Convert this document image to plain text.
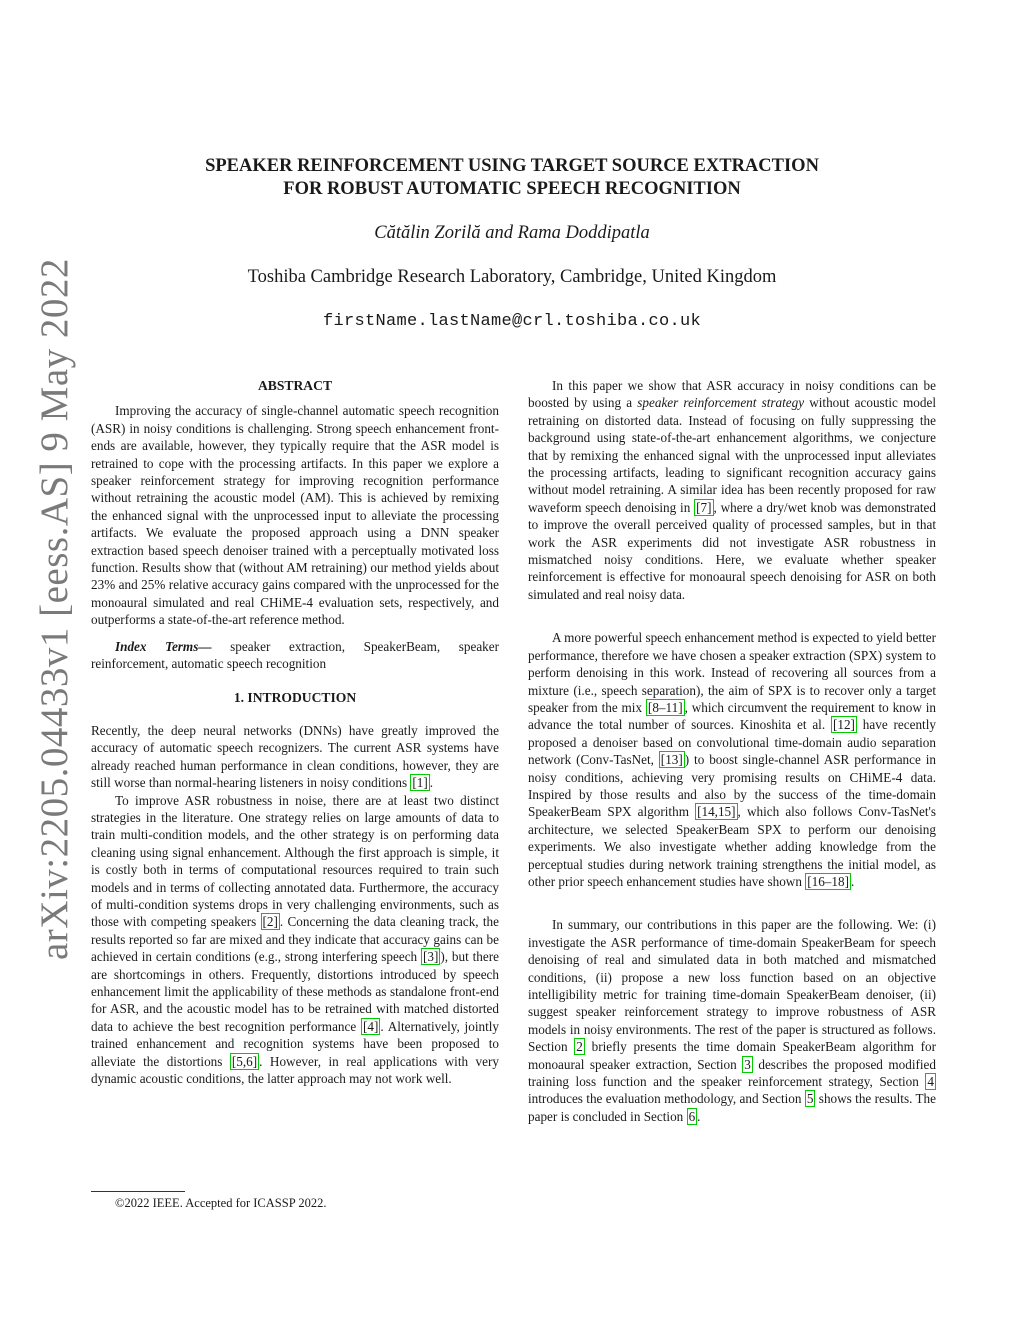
arXiv:2205.04433v1 [eess.AS] 9 May 2022
SPEAKER REINFORCEMENT USING TARGET SOURCE EXTRACTION
FOR ROBUST AUTOMATIC SPEECH RECOGNITION
Cătălin Zorilă and Rama Doddipatla
Toshiba Cambridge Research Laboratory, Cambridge, United Kingdom
firstName.lastName@crl.toshiba.co.uk

ABSTRACT

Improving the accuracy of single-channel automatic speech recognition (ASR) in noisy conditions is challenging. Strong speech enhancement front-ends are available, however, they typically require that the ASR model is retrained to cope with the processing artifacts. In this paper we explore a speaker reinforcement strategy for improving recognition performance without retraining the acoustic model (AM). This is achieved by remixing the enhanced signal with the unprocessed input to alleviate the processing artifacts. We evaluate the proposed approach using a DNN speaker extraction based speech denoiser trained with a perceptually motivated loss function. Results show that (without AM retraining) our method yields about 23% and 25% relative accuracy gains compared with the unprocessed for the monoaural simulated and real CHiME-4 evaluation sets, respectively, and outperforms a state-of-the-art reference method.

Index Terms— speaker extraction, SpeakerBeam, speaker reinforcement, automatic speech recognition

1. INTRODUCTION

Recently, the deep neural networks (DNNs) have greatly improved the accuracy of automatic speech recognizers. The current ASR systems have already reached human performance in clean conditions, however, they are still worse than normal-hearing listeners in noisy conditions [1] .

To improve ASR robustness in noise, there are at least two distinct strategies in the literature. One strategy relies on large amounts of data to train multi-condition models, and the other strategy is on performing data cleaning using signal enhancement. Although the first approach is simple, it is costly both in terms of computational resources required to train such models and in terms of collecting annotated data. Furthermore, the accuracy of multi-condition systems drops in very challenging environments, such as those with competing speakers [2] . Concerning the data cleaning track, the results reported so far are mixed and they indicate that accuracy gains can be achieved in certain conditions (e.g., strong interfering speech [3] ), but there are shortcomings in others. Frequently, distortions introduced by speech enhancement limit the applicability of these methods as standalone front-end for ASR, and the acoustic model has to be retrained with matched distorted data to achieve the best recognition performance [4] . Alternatively, jointly trained enhancement and recognition systems have been proposed to alleviate the distortions [5,6] . However, in real applications with very dynamic acoustic conditions, the latter approach may not work well.

©2022 IEEE. Accepted for ICASSP 2022.

In this paper we show that ASR accuracy in noisy conditions can be boosted by using a speaker reinforcement strategy without acoustic model retraining on distorted data. Instead of focusing on fully suppressing the background using state-of-the-art enhancement algorithms, we conjecture that by remixing the enhanced signal with the unprocessed input alleviates the processing artifacts, leading to significant recognition accuracy gains without model retraining. A similar idea has been recently proposed for raw waveform speech denoising in [7] , where a dry/wet knob was demonstrated to improve the overall perceived quality of processed samples, but in that work the ASR experiments did not investigate ASR robustness in mismatched noisy conditions. Here, we evaluate whether speaker reinforcement is effective for monoaural speech denoising for ASR on both simulated and real noisy data.

A more powerful speech enhancement method is expected to yield better performance, therefore we have chosen a speaker extraction (SPX) system to perform denoising in this work. Instead of recovering all sources from a mixture (i.e., speech separation), the aim of SPX is to recover only a target speaker from the mix [8–11] , which circumvent the requirement to know in advance the total number of sources. Kinoshita et al. [12] have recently proposed a denoiser based on convolutional time-domain audio separation network (Conv-TasNet, [13] ) to boost single-channel ASR performance in noisy conditions, achieving very promising results on CHiME-4 data. Inspired by those results and also by the success of the time-domain SpeakerBeam SPX algorithm [14,15] , which also follows Conv-TasNet's architecture, we selected SpeakerBeam SPX to perform our denoising experiments. We also investigate whether adding knowledge from the perceptual studies during network training strengthens the initial model, as other prior speech enhancement studies have shown [16–18] .

In summary, our contributions in this paper are the following. We: (i) investigate the ASR performance of time-domain SpeakerBeam for speech denoising of real and simulated data in both matched and mismatched conditions, (ii) propose a new loss function based on an objective intelligibility metric for training time-domain SpeakerBeam denoiser, (ii) suggest speaker reinforcement strategy to improve robustness of ASR models in noisy environments. The rest of the paper is structured as follows. Section 2 briefly presents the time domain SpeakerBeam algorithm for monoaural speaker extraction, Section 3 describes the proposed modified training loss function and the speaker reinforcement strategy, Section 4 introduces the evaluation methodology, and Section 5 shows the results. The paper is concluded in Section 6 .
